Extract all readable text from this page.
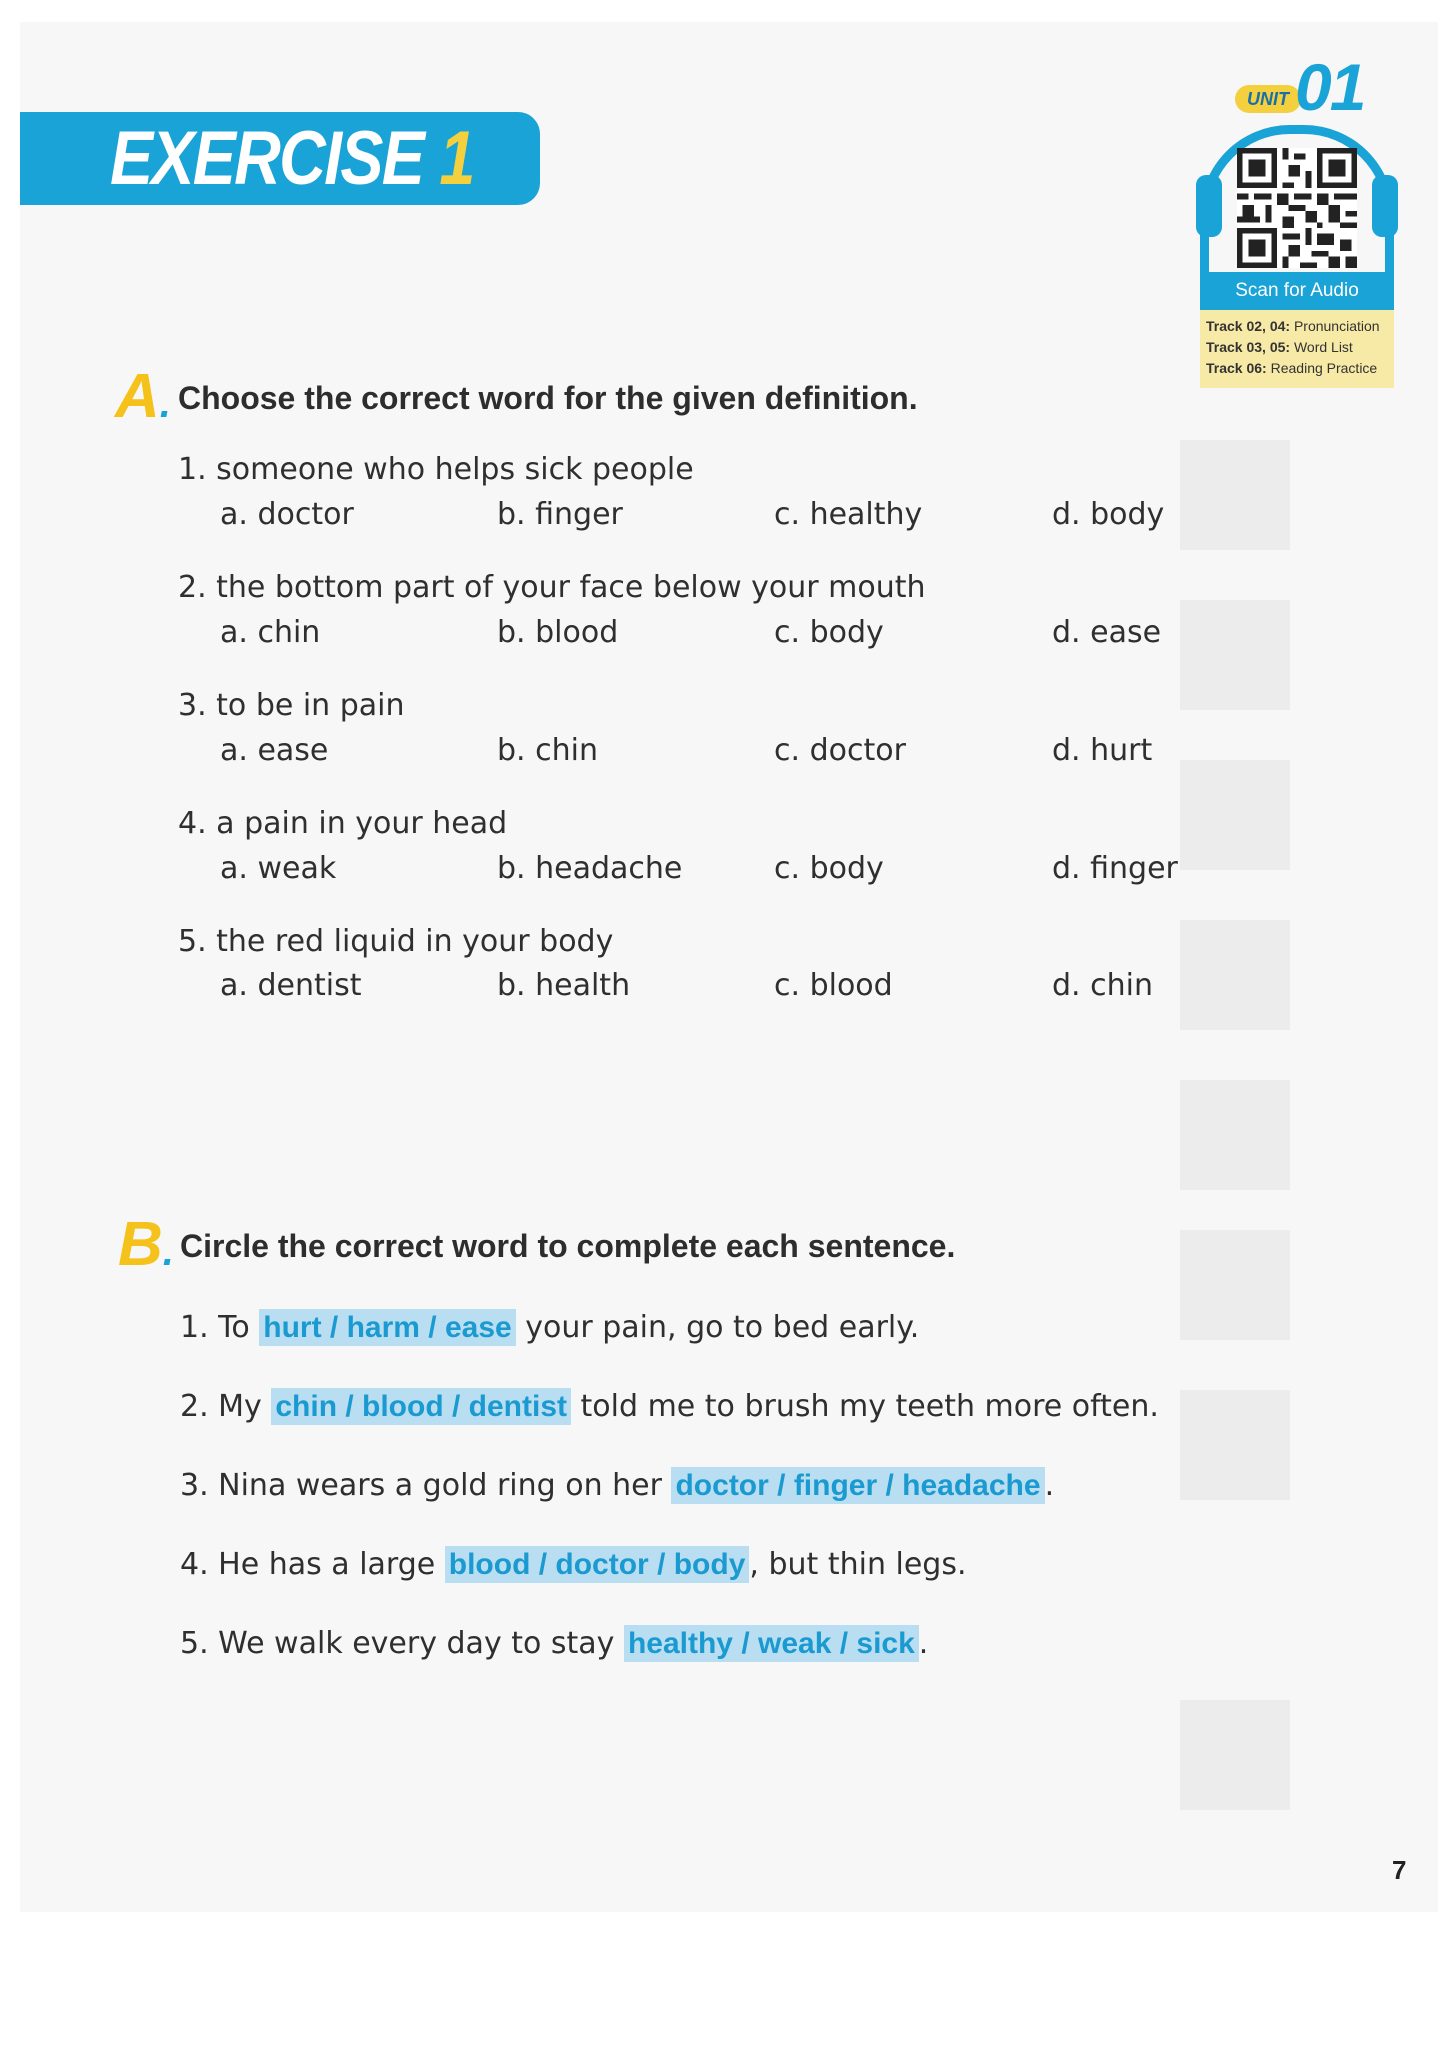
EXERCISE 1
UNIT 01
Scan for Audio
Track 02, 04: Pronunciation
Track 03, 05: Word List
Track 06: Reading Practice
A. Choose the correct word for the given definition.
1. someone who helps sick people
a. doctor	b. finger	c. healthy	d. body
2. the bottom part of your face below your mouth
a. chin	b. blood	c. body	d. ease
3. to be in pain
a. ease	b. chin	c. doctor	d. hurt
4. a pain in your head
a. weak	b. headache	c. body	d. finger
5. the red liquid in your body
a. dentist	b. health	c. blood	d. chin
B. Circle the correct word to complete each sentence.
1. To hurt / harm / ease your pain, go to bed early.
2. My chin / blood / dentist told me to brush my teeth more often.
3. Nina wears a gold ring on her doctor / finger / headache .
4. He has a large blood / doctor / body , but thin legs.
5. We walk every day to stay healthy / weak / sick .
7
